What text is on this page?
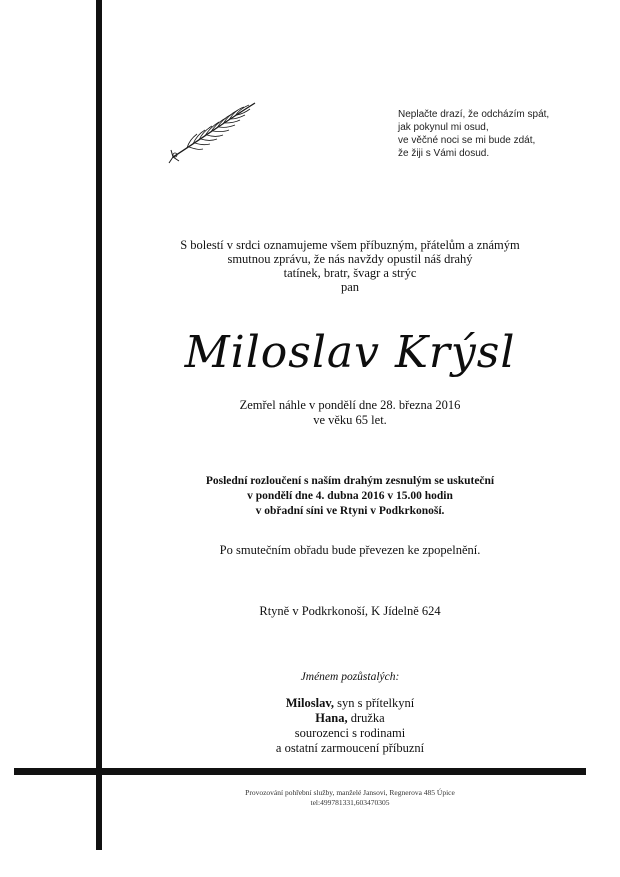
Neplačte drazí, že odcházím spát,
jak pokynul mi osud,
ve věčné noci se mi bude zdát,
že žiji s Vámi dosud.
S bolestí v srdci oznamujeme všem příbuzným, přátelům a známým
smutnou zprávu, že nás navždy opustil náš drahý
tatínek, bratr, švagr a strýc
pan
Miloslav Krýsl
Zemřel náhle v pondělí dne 28. března 2016
ve věku 65 let.
Poslední rozloučení s naším drahým zesnulým se uskuteční
v pondělí dne 4. dubna 2016 v 15.00 hodin
v obřadní síni ve Rtyni v Podkrkonoší.
Po smutečním obřadu bude převezen ke zpopelnění.
Rtyně v Podkrkonoší, K Jídelně 624
Jménem pozůstalých:
Miloslav, syn s přítelkyní
Hana, družka
sourozenci s rodinami
a ostatní zarmoucení příbuzní
Provozování pohřební služby, manželé Jansovi, Regnerova 485 Úpice
tel:499781331,603470305
